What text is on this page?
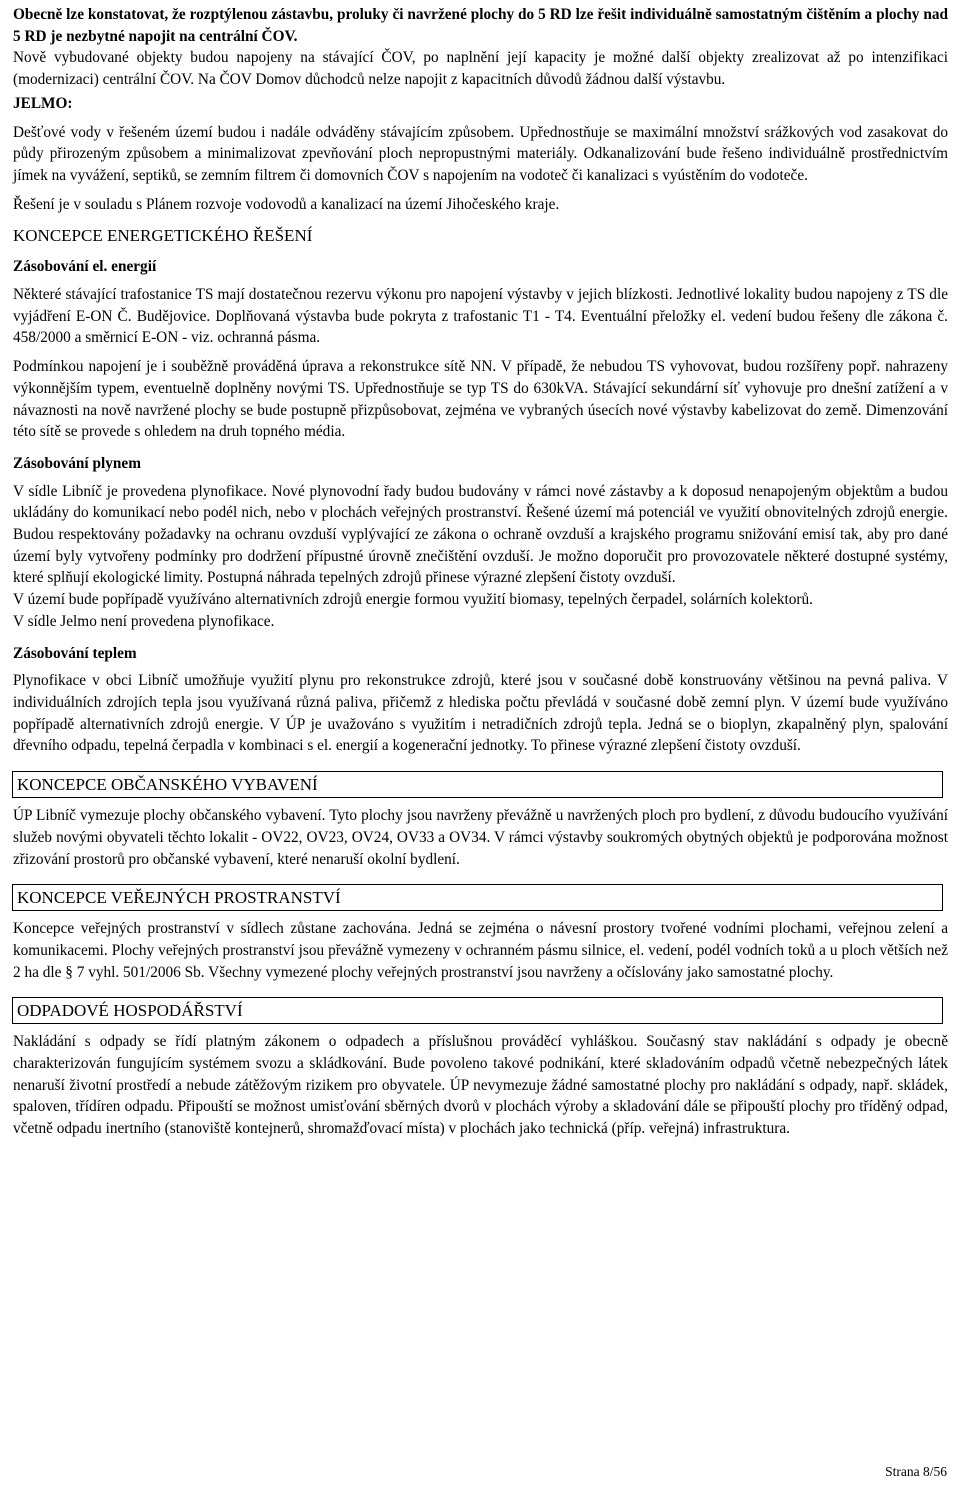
Obecně lze konstatovat, že rozptýlenou zástavbu, proluky či navržené plochy do 5 RD lze řešit individuálně samostatným čištěním a plochy nad 5 RD je nezbytné napojit na centrální ČOV.

Nově vybudované objekty budou napojeny na stávající ČOV, po naplnění její kapacity je možné další objekty zrealizovat až po intenzifikaci (modernizaci) centrální ČOV. Na ČOV Domov důchodců nelze napojit z kapacitních důvodů žádnou další výstavbu.

JELMO:

Dešťové vody v řešeném území budou i nadále odváděny stávajícím způsobem. Upřednostňuje se maximální množství srážkových vod zasakovat do půdy přirozeným způsobem a minimalizovat zpevňování ploch nepropustnými materiály. Odkanalizování bude řešeno individuálně prostřednictvím jímek na vyvážení, septiků, se zemním filtrem či domovních ČOV s napojením na vodoteč či kanalizaci s vyústěním do vodoteče.

Řešení je v souladu s Plánem rozvoje vodovodů a kanalizací na území Jihočeského kraje.

KONCEPCE ENERGETICKÉHO ŘEŠENÍ
Zásobování el. energií

Některé stávající trafostanice TS mají dostatečnou rezervu výkonu pro napojení výstavby v jejich blízkosti. Jednotlivé lokality budou napojeny z TS dle vyjádření E-ON Č. Budějovice. Doplňovaná výstavba bude pokryta z trafostanic T1 - T4. Eventuální přeložky el. vedení budou řešeny dle zákona č. 458/2000 a směrnicí E-ON - viz. ochranná pásma.

Podmínkou napojení je i souběžně prováděná úprava a rekonstrukce sítě NN. V případě, že nebudou TS vyhovovat, budou rozšířeny popř. nahrazeny výkonnějším typem, eventuelně doplněny novými TS. Upřednostňuje se typ TS do 630kVA. Stávající sekundární síť vyhovuje pro dnešní zatížení a v návaznosti na nově navržené plochy se bude postupně přizpůsobovat, zejména ve vybraných úsecích nové výstavby kabelizovat do země. Dimenzování této sítě se provede s ohledem na druh topného média.

Zásobování plynem

V sídle Libníč je provedena plynofikace. Nové plynovodní řady budou budovány v rámci nové zástavby a k doposud nenapojeným objektům a budou ukládány do komunikací nebo podél nich, nebo v plochách veřejných prostranství. Řešené území má potenciál ve využití obnovitelných zdrojů energie. Budou respektovány požadavky na ochranu ovzduší vyplývající ze zákona o ochraně ovzduší a krajského programu snižování emisí tak, aby pro dané území byly vytvořeny podmínky pro dodržení přípustné úrovně znečištění ovzduší. Je možno doporučit pro provozovatele některé dostupné systémy, které splňují ekologické limity. Postupná náhrada tepelných zdrojů přinese výrazné zlepšení čistoty ovzduší.

V území bude popřípadě využíváno alternativních zdrojů energie formou využití biomasy, tepelných čerpadel, solárních kolektorů.

V sídle Jelmo není provedena plynofikace.

Zásobování teplem

Plynofikace v obci Libníč umožňuje využití plynu pro rekonstrukce zdrojů, které jsou v současné době konstruovány většinou na pevná paliva. V individuálních zdrojích tepla jsou využívaná různá paliva, přičemž z hlediska počtu převládá v současné době zemní plyn. V území bude využíváno popřípadě alternativních zdrojů energie. V ÚP je uvažováno s využitím i netradičních zdrojů tepla. Jedná se o bioplyn, zkapalněný plyn, spalování dřevního odpadu, tepelná čerpadla v kombinaci s el. energií a kogenerační jednotky. To přinese výrazné zlepšení čistoty ovzduší.

KONCEPCE OBČANSKÉHO VYBAVENÍ

ÚP Libníč vymezuje plochy občanského vybavení. Tyto plochy jsou navrženy převážně u navržených ploch pro bydlení, z důvodu budoucího využívání služeb novými obyvateli těchto lokalit - OV22, OV23, OV24, OV33 a OV34. V rámci výstavby soukromých obytných objektů je podporována možnost zřizování prostorů pro občanské vybavení, které nenaruší okolní bydlení.

KONCEPCE VEŘEJNÝCH PROSTRANSTVÍ

Koncepce veřejných prostranství v sídlech zůstane zachována. Jedná se zejména o návesní prostory tvořené vodními plochami, veřejnou zelení a komunikacemi. Plochy veřejných prostranství jsou převážně vymezeny v ochranném pásmu silnice, el. vedení, podél vodních toků a u ploch větších než 2 ha dle § 7 vyhl. 501/2006 Sb. Všechny vymezené plochy veřejných prostranství jsou navrženy a očíslovány jako samostatné plochy.

ODPADOVÉ HOSPODÁŘSTVÍ

Nakládání s odpady se řídí platným zákonem o odpadech a příslušnou prováděcí vyhláškou. Současný stav nakládání s odpady je obecně charakterizován fungujícím systémem svozu a skládkování. Bude povoleno takové podnikání, které skladováním odpadů včetně nebezpečných látek nenaruší životní prostředí a nebude zátěžovým rizikem pro obyvatele. ÚP nevymezuje žádné samostatné plochy pro nakládání s odpady, např. skládek, spaloven, třídíren odpadu. Připouští se možnost umisťování sběrných dvorů v plochách výroby a skladování dále se připouští plochy pro tříděný odpad, včetně odpadu inertního (stanoviště kontejnerů, shromažďovací místa) v plochách jako technická (příp. veřejná) infrastruktura.

Strana 8/56
